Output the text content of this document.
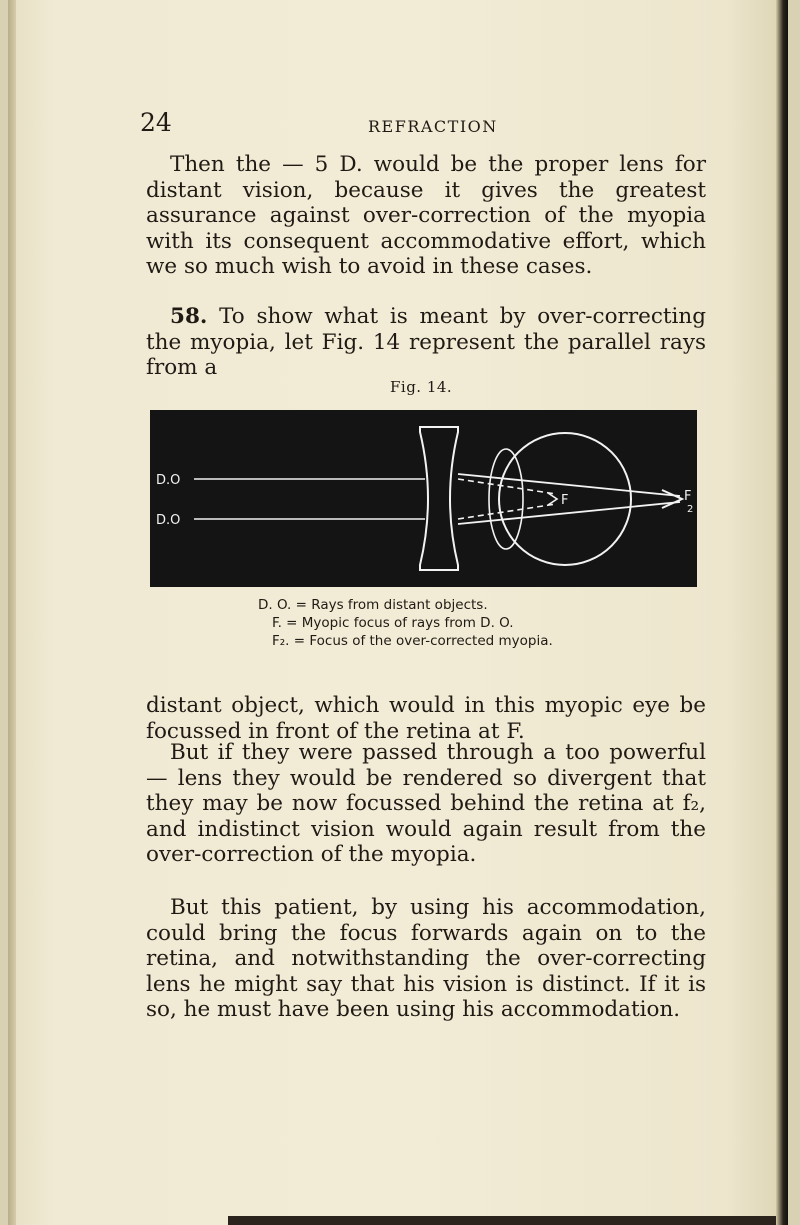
24	REFRACTION
Then the — 5 D. would be the proper lens for distant vision, because it gives the greatest assurance against over-correction of the myopia with its consequent accommodative effort, which we so much wish to avoid in these cases.
58. To show what is meant by over-correcting the myopia, let Fig. 14 represent the parallel rays from a
Fig. 14.
D.O
D.O
F	F
2
D. O. = Rays from distant objects.
F. = Myopic focus of rays from D. O.
F₂. = Focus of the over-corrected myopia.
distant object, which would in this myopic eye be focussed in front of the retina at F.
But if they were passed through a too powerful — lens they would be rendered so divergent that they may be now focussed behind the retina at f₂, and indistinct vision would again result from the over-correction of the myopia.
But this patient, by using his accommodation, could bring the focus forwards again on to the retina, and notwithstanding the over-correcting lens he might say that his vision is distinct. If it is so, he must have been using his accommodation.
